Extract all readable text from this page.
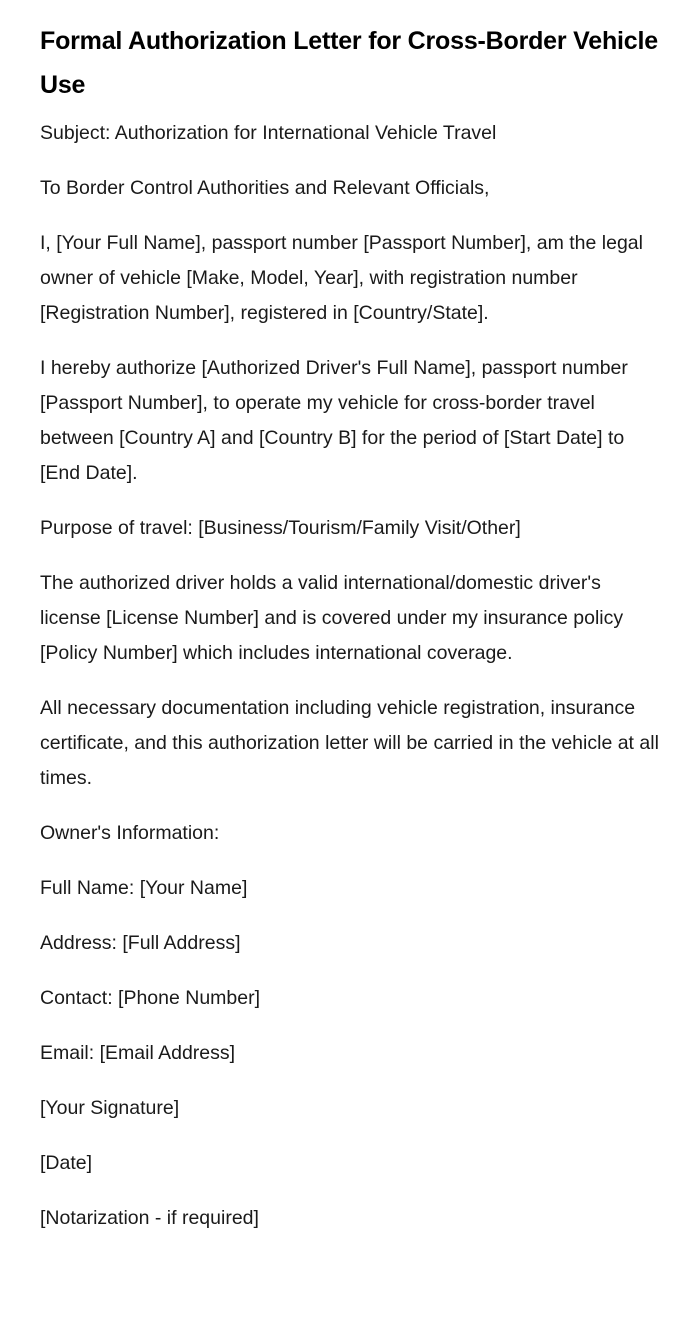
Formal Authorization Letter for Cross-Border Vehicle Use

Subject: Authorization for International Vehicle Travel

To Border Control Authorities and Relevant Officials,

I, [Your Full Name], passport number [Passport Number], am the legal owner of vehicle [Make, Model, Year], with registration number [Registration Number], registered in [Country/State].

I hereby authorize [Authorized Driver's Full Name], passport number [Passport Number], to operate my vehicle for cross-border travel between [Country A] and [Country B] for the period of [Start Date] to [End Date].

Purpose of travel: [Business/Tourism/Family Visit/Other]

The authorized driver holds a valid international/domestic driver's license [License Number] and is covered under my insurance policy [Policy Number] which includes international coverage.

All necessary documentation including vehicle registration, insurance certificate, and this authorization letter will be carried in the vehicle at all times.

Owner's Information:

Full Name: [Your Name]

Address: [Full Address]

Contact: [Phone Number]

Email: [Email Address]

[Your Signature]

[Date]

[Notarization - if required]
